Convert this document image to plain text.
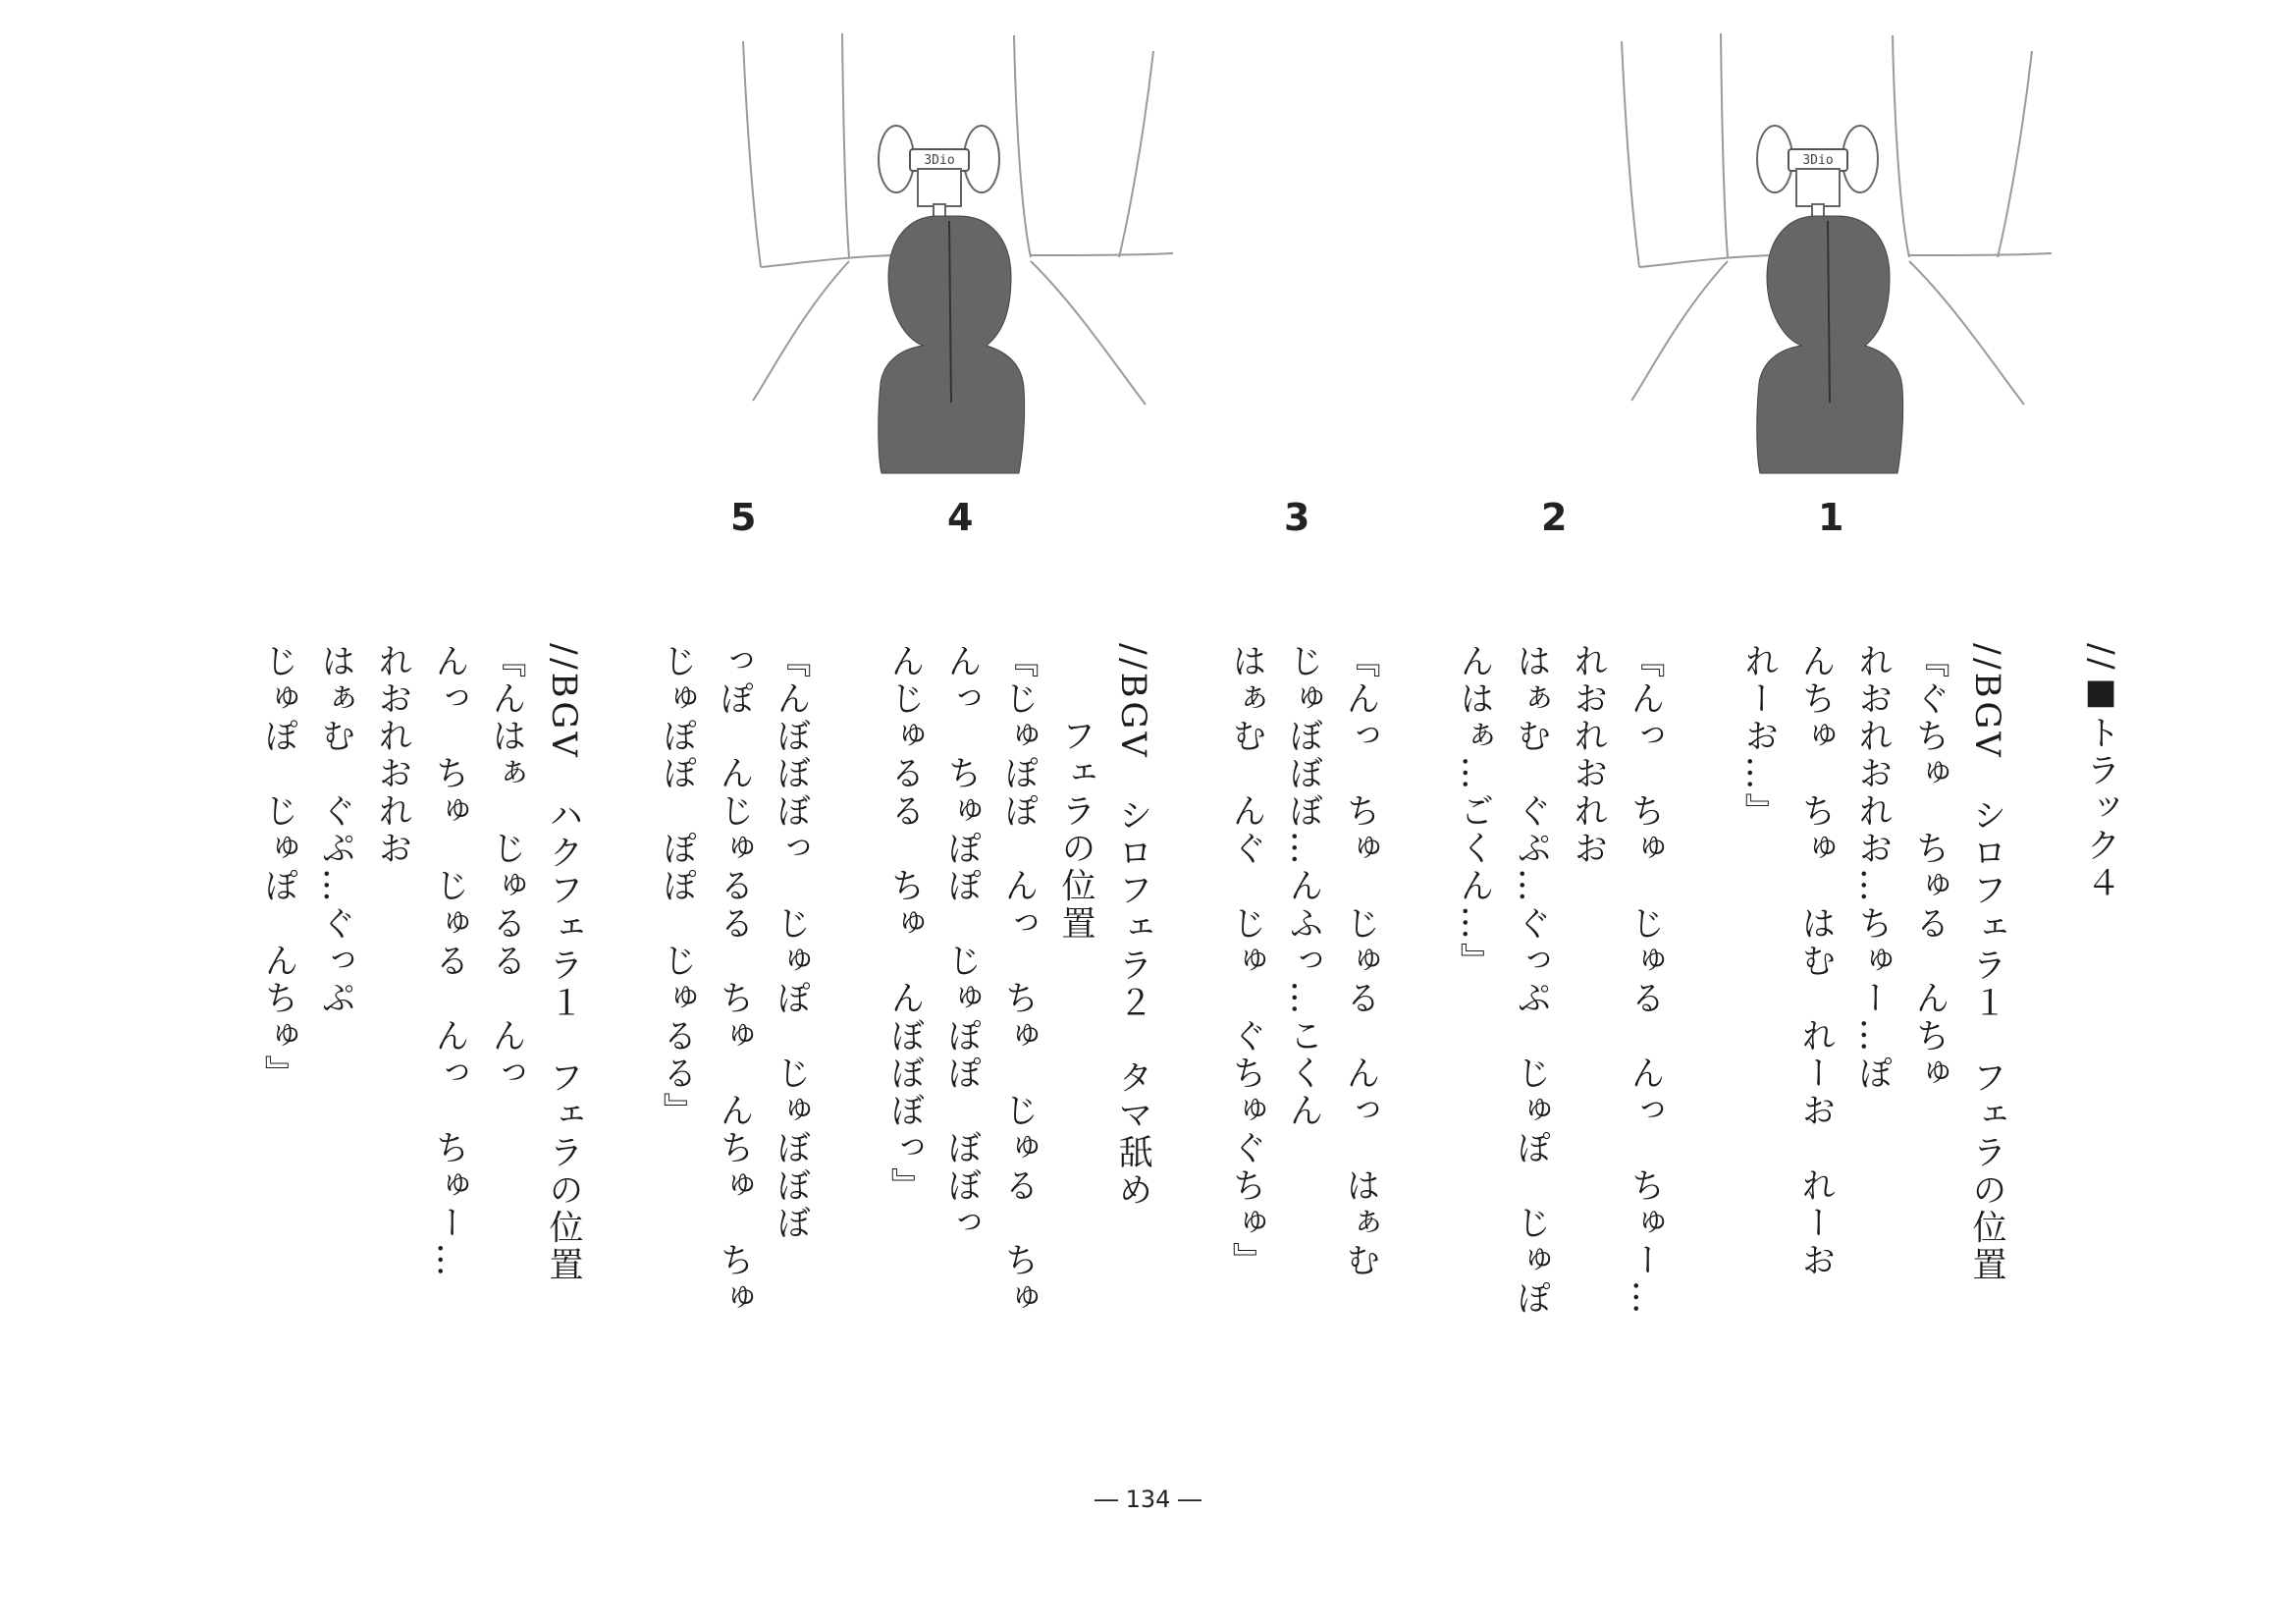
3Dio	3Dio
5	4	3	2	1
//■トラック４
//BGV　シロフェラ１　フェラの位置
『ぐちゅ　ちゅる　んちゅ
れおれおれお…ちゅー…ぽ
んちゅ　ちゅ　はむ　れーお　れーお
れーお…』
『んっ　ちゅ　じゅる　んっ　ちゅー…
れおれおれお
はぁむ　ぐぷ…ぐっぷ　じゅぽ　じゅぽ
んはぁ…ごくん…』
『んっ　ちゅ　じゅる　んっ　はぁむ
じゅぼぼぼ…んふっ…こくん
はぁむ　んぐ　じゅ　ぐちゅぐちゅ』
//BGV　シロフェラ２　タマ舐め
　　フェラの位置
『じゅぽぽ　んっ　ちゅ　じゅる　ちゅ
んっ　ちゅぽぽ　じゅぽぽ　ぼぼっ
んじゅるる　ちゅ　んぼぼぼっ』
『んぼぼぼっ　じゅぽ　じゅぼぼぼ
っぽ　んじゅるる　ちゅ　んちゅ　ちゅ
じゅぽぽ　ぽぽ　じゅるる』
//BGV　ハクフェラ１　フェラの位置
『んはぁ　じゅるる　んっ
んっ　ちゅ　じゅる　んっ　ちゅー…
れおれおれお
はぁむ　ぐぷ…ぐっぷ
じゅぽ　じゅぽ　んちゅ』
― 134 ―
